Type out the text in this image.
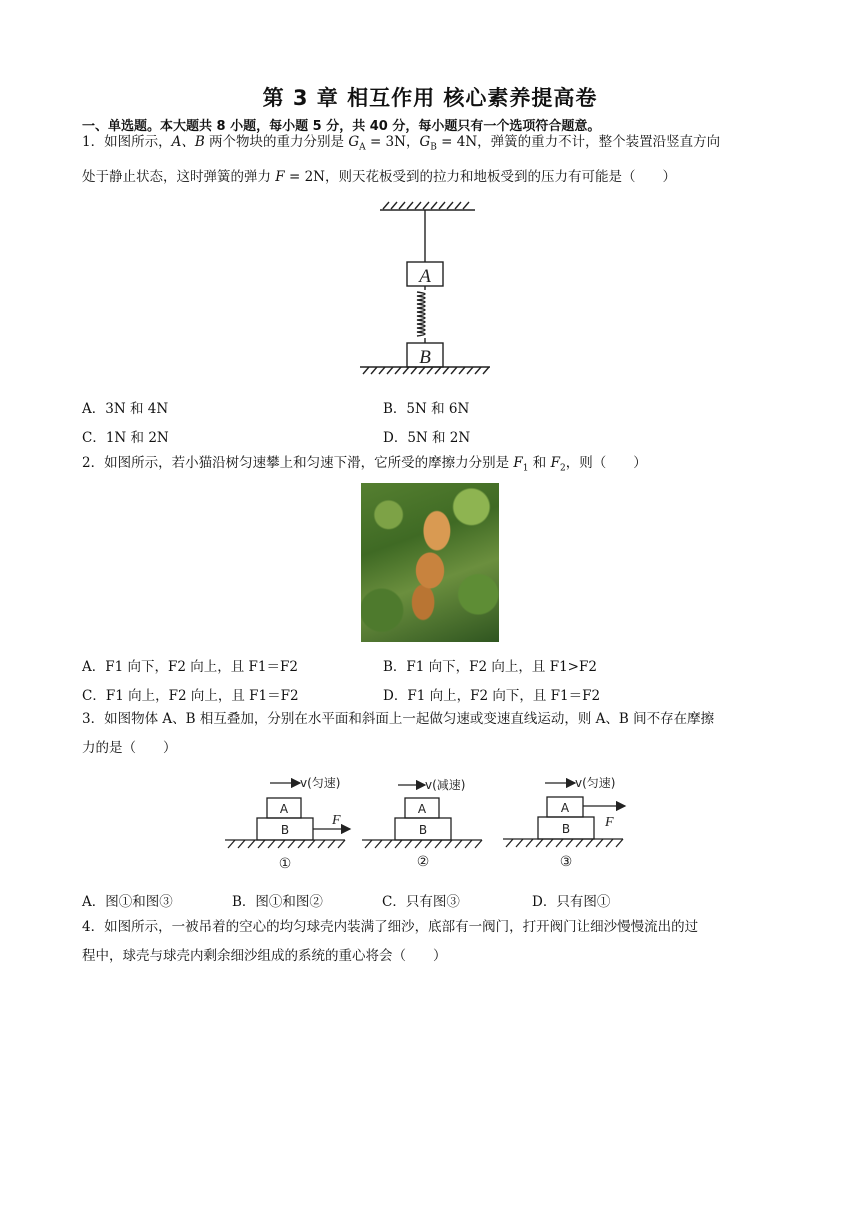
第 3 章 相互作用 核心素养提高卷
一、单选题。本大题共 8 小题，每小题 5 分，共 40 分，每小题只有一个选项符合题意。
1．如图所示，A、B 两个物块的重力分别是 $G_A = 3N$，$G_B = 4N$，弹簧的重力不计，整个装置沿竖直方向
处于静止状态，这时弹簧的弹力 F = 2N，则天花板受到的拉力和地板受到的压力有可能是（　　）
A
B
A．3N 和 4N	B．5N 和 6N
C．1N 和 2N	D．5N 和 2N
2．如图所示，若小猫沿树匀速攀上和匀速下滑，它所受的摩擦力分别是 $F_1$ 和 $F_2$，则（　　）
A．F1 向下，F2 向上，且 F1＝F2	B．F1 向下，F2 向上，且 F1>F2
C．F1 向上，F2 向上，且 F1＝F2	D．F1 向上，F2 向下，且 F1＝F2
3．如图物体 A、B 相互叠加，分别在水平面和斜面上一起做匀速或变速直线运动，则 A、B 间不存在摩擦
力的是（　　）
v(匀速)
A
B
F
①
v(减速)
A
B
②
v(匀速)
A
B F
③
A．图①和图③	B．图①和图②	C．只有图③	D．只有图①
4．如图所示，一被吊着的空心的均匀球壳内装满了细沙，底部有一阀门，打开阀门让细沙慢慢流出的过
程中，球壳与球壳内剩余细沙组成的系统的重心将会（　　）
